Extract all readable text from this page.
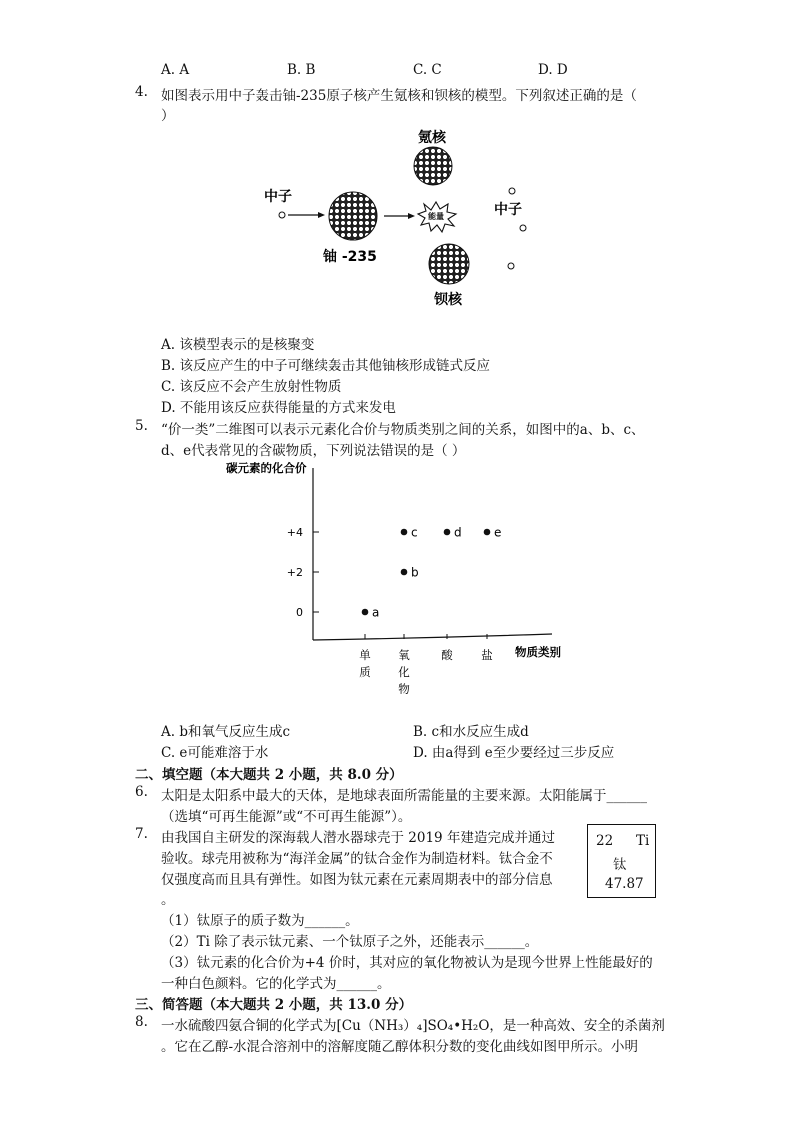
A. A	B. B	C. C	D. D
4. 如图表示用中子轰击铀-235原子核产生氪核和钡核的模型。下列叙述正确的是（
）
氪核
中子
铀 -235
能量	中子
钡核
A. 该模型表示的是核聚变
B. 该反应产生的中子可继续轰击其他铀核形成链式反应
C. 该反应不会产生放射性物质
D. 不能用该反应获得能量的方式来发电
5. “价一类”二维图可以表示元素化合价与物质类别之间的关系，如图中的a、b、c、
d、e代表常见的含碳物质，下列说法错误的是（ ）
碳元素的化合价
+4
+2
0
单
质
氧
化
物
酸 盐 物质类别
a
b
c	d	e
A. b和氧气反应生成c	B. c和水反应生成d
C. e可能难溶于水	D. 由a得到 e至少要经过三步反应
二、填空题（本大题共 2 小题，共 8.0 分）
6. 太阳是太阳系中最大的天体，是地球表面所需能量的主要来源。太阳能属于______
（选填“可再生能源”或“不可再生能源”）。
7. 由我国自主研发的深海载人潜水器球壳于 2019 年建造完成并通过
验收。球壳用被称为“海洋金属”的钛合金作为制造材料。钛合金不
仅强度高而且具有弹性。如图为钛元素在元素周期表中的部分信息
。
22 Ti
钛
47.87
（1）钛原子的质子数为______。
（2）Ti 除了表示钛元素、一个钛原子之外，还能表示______。
（3）钛元素的化合价为+4 价时，其对应的氧化物被认为是现今世界上性能最好的
一种白色颜料。它的化学式为______。
三、简答题（本大题共 2 小题，共 13.0 分）
8. 一水硫酸四氨合铜的化学式为[Cu（NH₃）₄]SO₄•H₂O，是一种高效、安全的杀菌剂
。它在乙醇-水混合溶剂中的溶解度随乙醇体积分数的变化曲线如图甲所示。小明
